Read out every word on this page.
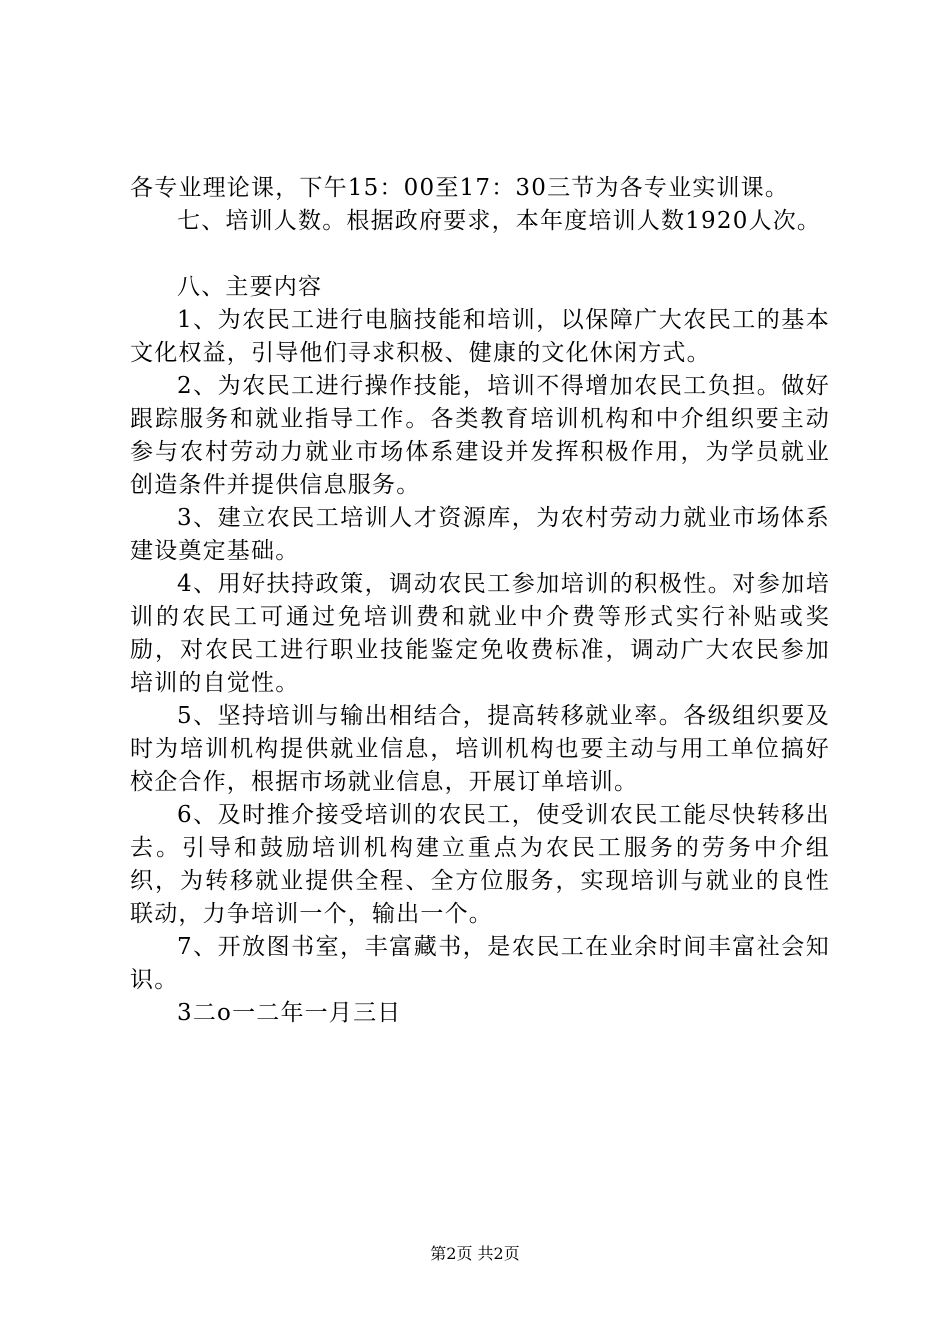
各专业理论课，下午15：00至17：30三节为各专业实训课。

七、培训人数。根据政府要求，本年度培训人数1920人次。

八、主要内容

1、为农民工进行电脑技能和培训，以保障广大农民工的基本文化权益，引导他们寻求积极、健康的文化休闲方式。

2、为农民工进行操作技能，培训不得增加农民工负担。做好跟踪服务和就业指导工作。各类教育培训机构和中介组织要主动参与农村劳动力就业市场体系建设并发挥积极作用，为学员就业创造条件并提供信息服务。

3、建立农民工培训人才资源库，为农村劳动力就业市场体系建设奠定基础。

4、用好扶持政策，调动农民工参加培训的积极性。对参加培训的农民工可通过免培训费和就业中介费等形式实行补贴或奖励，对农民工进行职业技能鉴定免收费标准，调动广大农民参加培训的自觉性。

5、坚持培训与输出相结合，提高转移就业率。各级组织要及时为培训机构提供就业信息，培训机构也要主动与用工单位搞好校企合作，根据市场就业信息，开展订单培训。

6、及时推介接受培训的农民工，使受训农民工能尽快转移出去。引导和鼓励培训机构建立重点为农民工服务的劳务中介组织，为转移就业提供全程、全方位服务，实现培训与就业的良性联动，力争培训一个，输出一个。

7、开放图书室，丰富藏书，是农民工在业余时间丰富社会知识。

3二o一二年一月三日

第2页 共2页
